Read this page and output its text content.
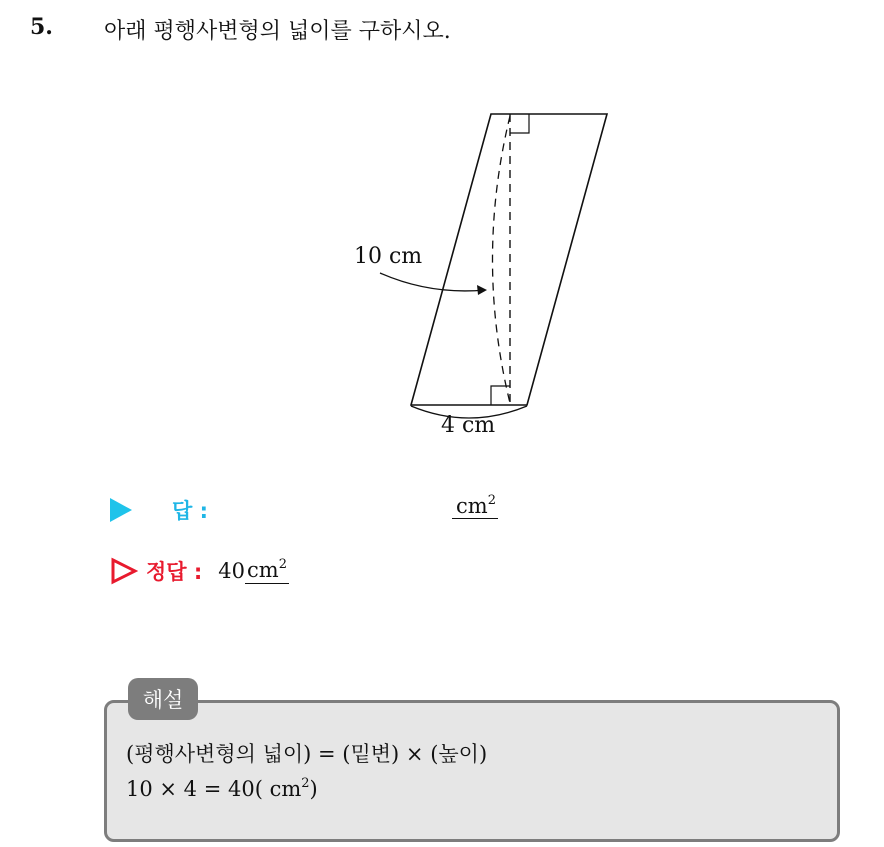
5. 아래 평행사변형의 넓이를 구하시오.
10 cm
4 cm
답 :	$cm^2$
정답 : 40 $cm^2$
해설
(평행사변형의 넓이) = (밑변) × (높이)
10 × 4 = 40( $cm^2$)
